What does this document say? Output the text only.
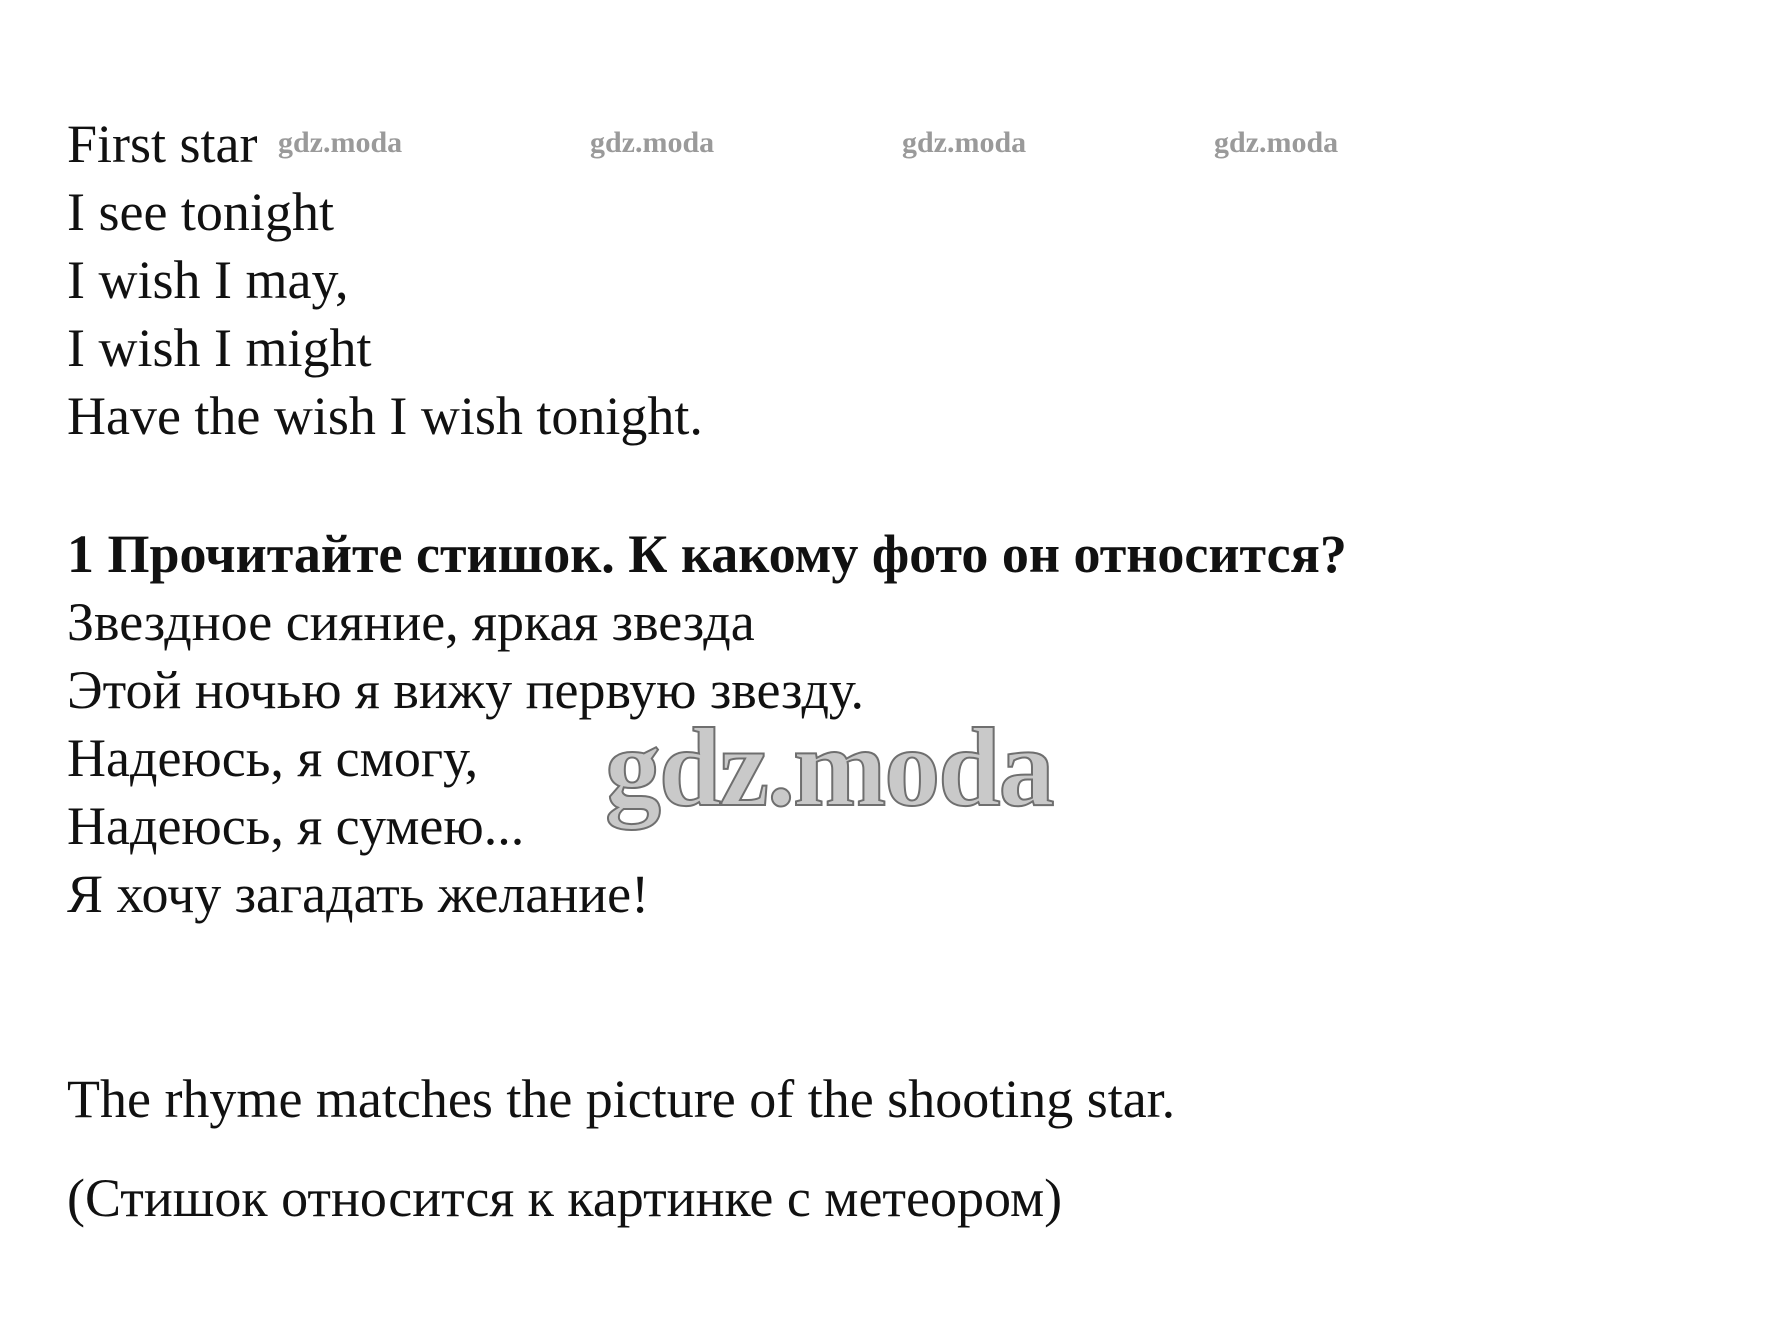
First star
I see tonight
I wish I may,
I wish I might
Have the wish I wish tonight.
gdz.moda	gdz.moda	gdz.moda	gdz.moda
1 Прочитайте стишок. К какому фото он относится?
Звездное сияние, яркая звезда
Этой ночью я вижу первую звезду.
Надеюсь, я смогу,
Надеюсь, я сумею...
Я хочу загадать желание!
gdz.moda
The rhyme matches the picture of the shooting star.
(Стишок относится к картинке с метеором)
